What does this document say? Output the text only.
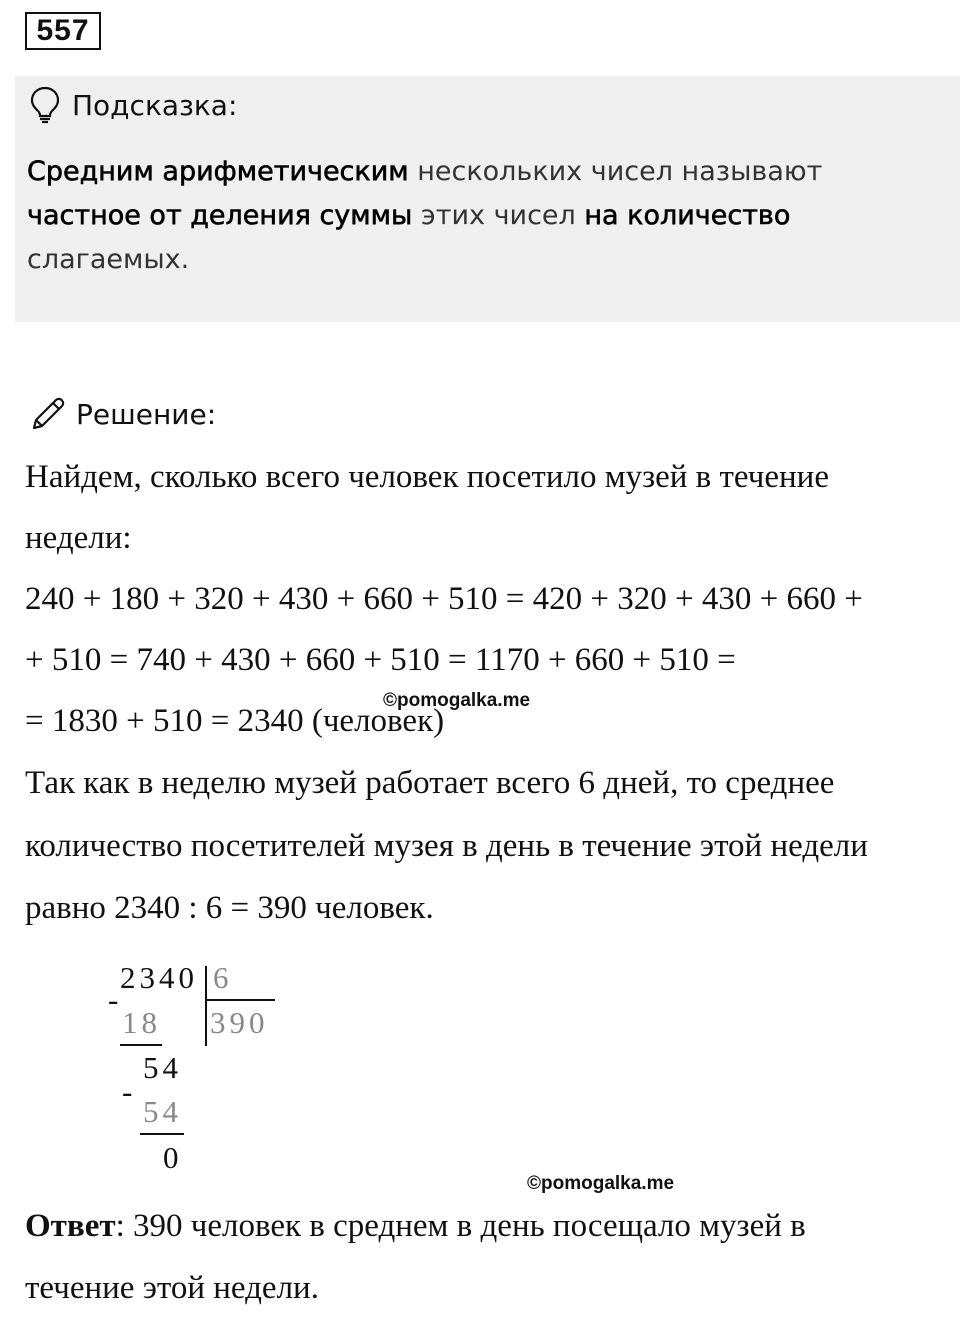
557
Подсказка:
Средним арифметическим нескольких чисел называют частное от деления суммы этих чисел на количество слагаемых.
Решение:
Найдем, сколько всего человек посетило музей в течение
недели:
240 + 180 + 320 + 430 + 660 + 510 = 420 + 320 + 430 + 660 +
+ 510 = 740 + 430 + 660 + 510 = 1170 + 660 + 510 =
©pomogalka.me
= 1830 + 510 = 2340 (человек)
Так как в неделю музей работает всего 6 дней, то среднее
количество посетителей музея в день в течение этой недели
равно 2340 : 6 = 390 человек.
2340 6
390
-
18
54
-
54
0
©pomogalka.me
Ответ: 390 человек в среднем в день посещало музей в
течение этой недели.
